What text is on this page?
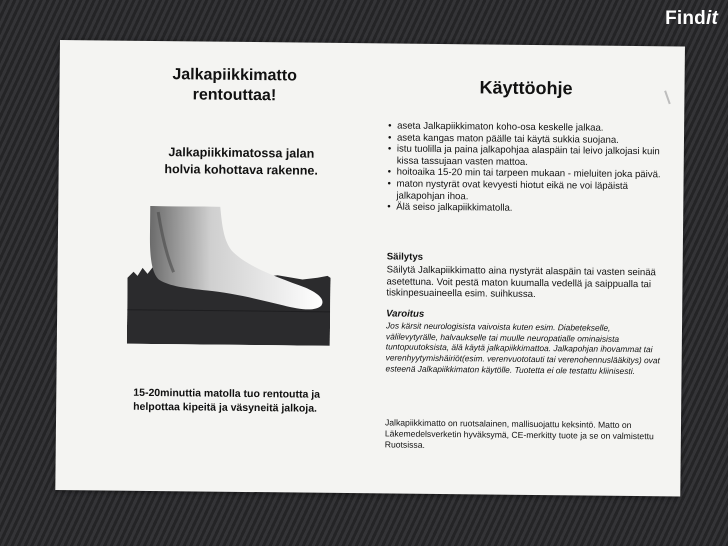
Findit
Jalkapiikkimatto rentouttaa!
Jalkapiikkimatossa jalan holvia kohottava rakenne.
15-20minuttia matolla tuo rentoutta ja helpottaa kipeitä ja väsyneitä jalkoja.
Käyttöohje
• aseta Jalkapiikkimaton koho-osa keskelle jalkaa.
• aseta kangas maton päälle tai käytä sukkia suojana.
• istu tuolilla ja paina jalkapohjaa alaspäin tai leivo jalkojasi kuin kissa tassujaan vasten mattoa.
• hoitoaika 15-20 min tai tarpeen mukaan - mieluiten joka päivä.
• maton nystyrät ovat kevyesti hiotut eikä ne voi läpäistä jalkapohjan ihoa.
• Älä seiso jalkapiikkimatolla.
Säilytys
Säilytä Jalkapiikkimatto aina nystyrät alaspäin tai vasten seinää asetettuna. Voit pestä maton kuumalla vedellä ja saippualla tai tiskinpesuaineella esim. suihkussa.
Varoitus
Jos kärsit neurologisista vaivoista kuten esim. Diabetekselle, välilevytyrälle, halvaukselle tai muulle neuropatialle ominaisista tuntopuutoksista, älä käytä jalkapiikkimattoa. Jalkapohjan ihovammat tai verenhyytymishäiriöt(esim. verenvuototauti tai verenohennuslääkitys) ovat esteenä Jalkapiikkimaton käytölle. Tuotetta ei ole testattu kliinisesti.
Jalkapiikkimatto on ruotsalainen, mallisuojattu keksintö. Matto on Läkemedelsverketin hyväksymä, CE-merkitty tuote ja se on valmistettu Ruotsissa.
